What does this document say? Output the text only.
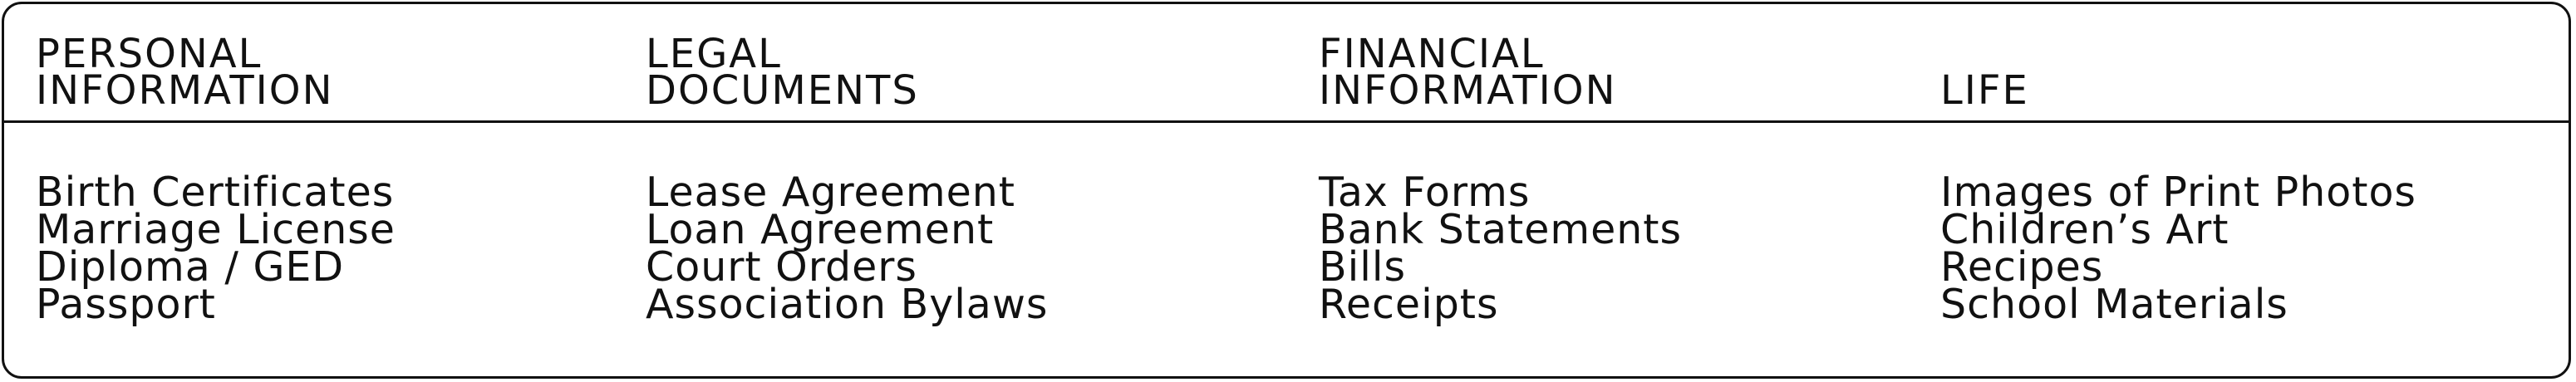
PERSONAL
INFORMATION
Birth Certificates
Marriage License
Diploma / GED
Passport
LEGAL
DOCUMENTS
Lease Agreement
Loan Agreement
Court Orders
Association Bylaws
FINANCIAL
INFORMATION
Tax Forms
Bank Statements
Bills
Receipts
LIFE
Images of Print Photos
Children’s Art
Recipes
School Materials
